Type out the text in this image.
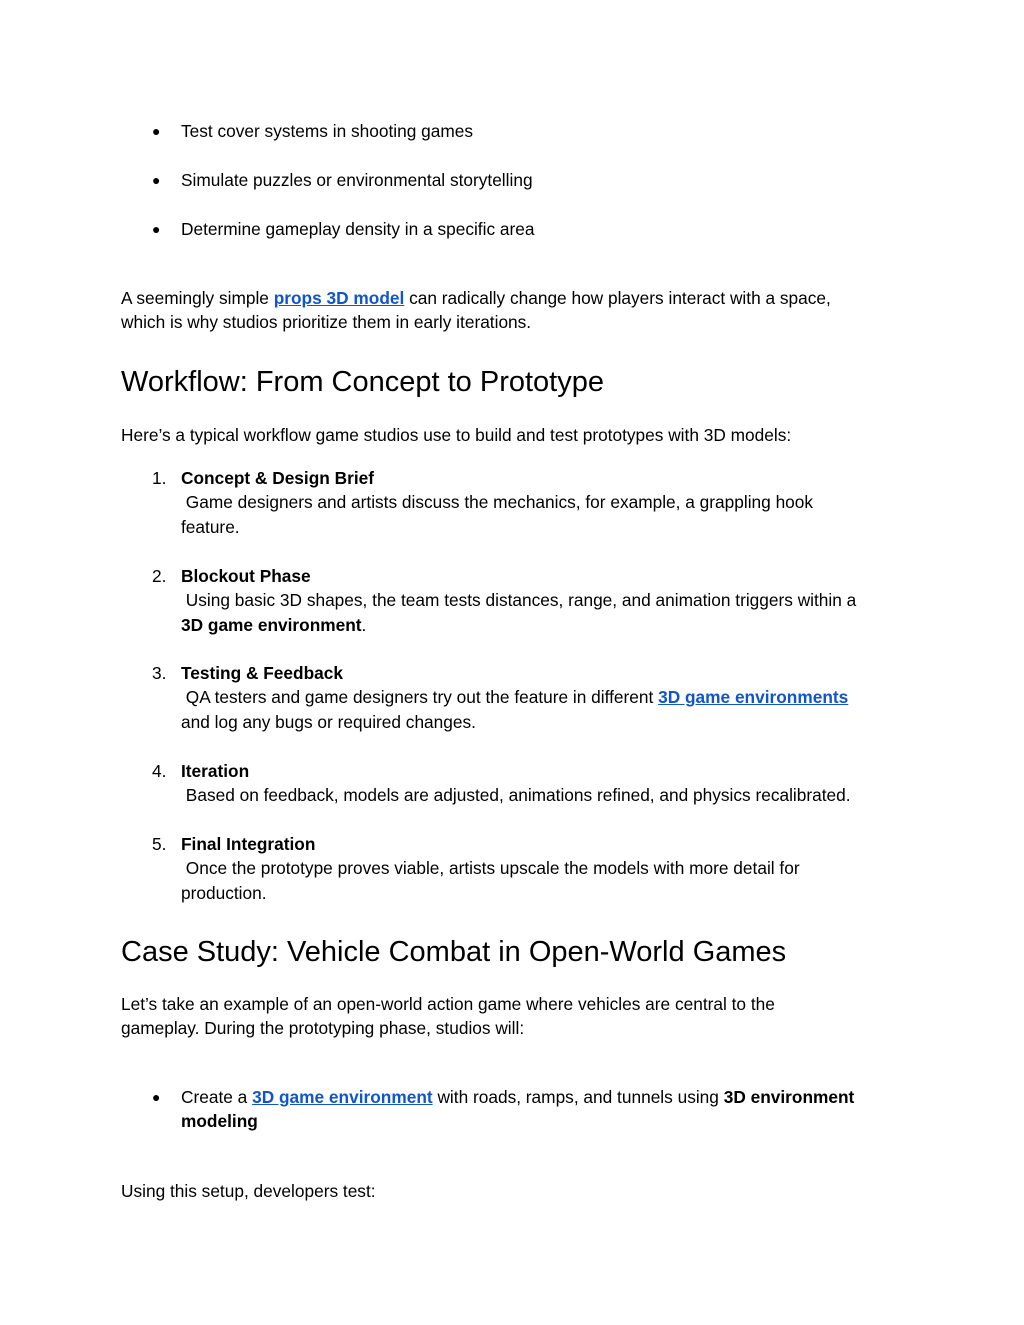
● Test cover systems in shooting games
● Simulate puzzles or environmental storytelling
● Determine gameplay density in a specific area
A seemingly simple props 3D model can radically change how players interact with a space,
which is why studios prioritize them in early iterations.
Workflow: From Concept to Prototype
Here’s a typical workflow game studios use to build and test prototypes with 3D models:
1. Concept & Design Brief
Game designers and artists discuss the mechanics, for example, a grappling hook
feature.
2. Blockout Phase
Using basic 3D shapes, the team tests distances, range, and animation triggers within a
3D game environment.
3. Testing & Feedback
QA testers and game designers try out the feature in different 3D game environments
and log any bugs or required changes.
4. Iteration
Based on feedback, models are adjusted, animations refined, and physics recalibrated.
5. Final Integration
Once the prototype proves viable, artists upscale the models with more detail for
production.
Case Study: Vehicle Combat in Open-World Games
Let’s take an example of an open-world action game where vehicles are central to the
gameplay. During the prototyping phase, studios will:
● Create a 3D game environment with roads, ramps, and tunnels using 3D environment
modeling
Using this setup, developers test:
